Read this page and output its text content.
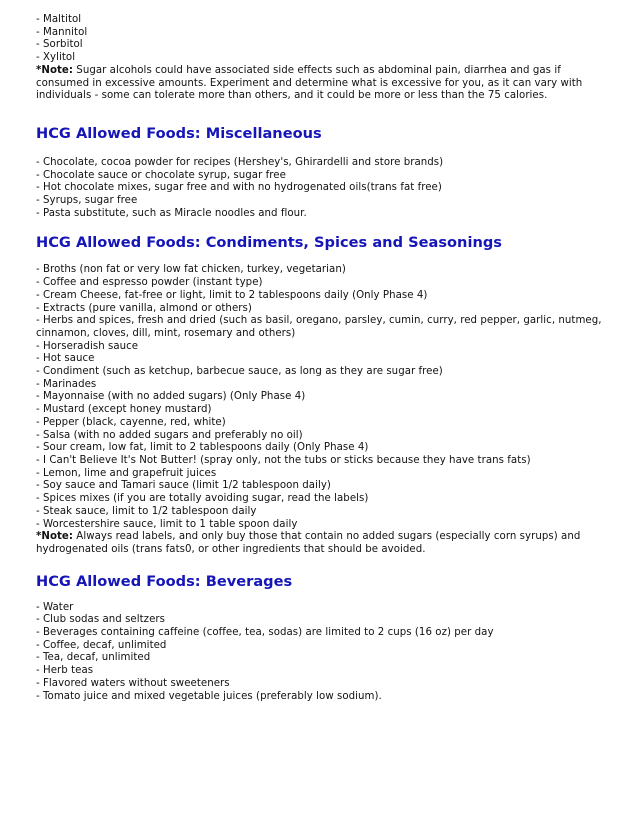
- Maltitol
- Mannitol
- Sorbitol
- Xylitol
*Note: Sugar alcohols could have associated side effects such as abdominal pain, diarrhea and gas if consumed in excessive amounts. Experiment and determine what is excessive for you, as it can vary with individuals - some can tolerate more than others, and it could be more or less than the 75 calories.
HCG Allowed Foods: Miscellaneous
- Chocolate, cocoa powder for recipes (Hershey's, Ghirardelli and store brands)
- Chocolate sauce or chocolate syrup, sugar free
- Hot chocolate mixes, sugar free and with no hydrogenated oils(trans fat free)
- Syrups, sugar free
- Pasta substitute, such as Miracle noodles and flour.
HCG Allowed Foods: Condiments, Spices and Seasonings
- Broths (non fat or very low fat chicken, turkey, vegetarian)
- Coffee and espresso powder (instant type)
- Cream Cheese, fat-free or light, limit to 2 tablespoons daily (Only Phase 4)
- Extracts (pure vanilla, almond or others)
- Herbs and spices, fresh and dried (such as basil, oregano, parsley, cumin, curry, red pepper, garlic, nutmeg, cinnamon, cloves, dill, mint, rosemary and others)
- Horseradish sauce
- Hot sauce
- Condiment (such as ketchup, barbecue sauce, as long as they are sugar free)
- Marinades
- Mayonnaise (with no added sugars) (Only Phase 4)
- Mustard (except honey mustard)
- Pepper (black, cayenne, red, white)
- Salsa (with no added sugars and preferably no oil)
- Sour cream, low fat, limit to 2 tablespoons daily (Only Phase 4)
- I Can't Believe It's Not Butter! (spray only, not the tubs or sticks because they have trans fats)
- Lemon, lime and grapefruit juices
- Soy sauce and Tamari sauce (limit 1/2 tablespoon daily)
- Spices mixes (if you are totally avoiding sugar, read the labels)
- Steak sauce, limit to 1/2 tablespoon daily
- Worcestershire sauce, limit to 1 table spoon daily
*Note: Always read labels, and only buy those that contain no added sugars (especially corn syrups) and hydrogenated oils (trans fats0, or other ingredients that should be avoided.
HCG Allowed Foods: Beverages
- Water
- Club sodas and seltzers
- Beverages containing caffeine (coffee, tea, sodas) are limited to 2 cups (16 oz) per day
- Coffee, decaf, unlimited
- Tea, decaf, unlimited
- Herb teas
- Flavored waters without sweeteners
- Tomato juice and mixed vegetable juices (preferably low sodium).
